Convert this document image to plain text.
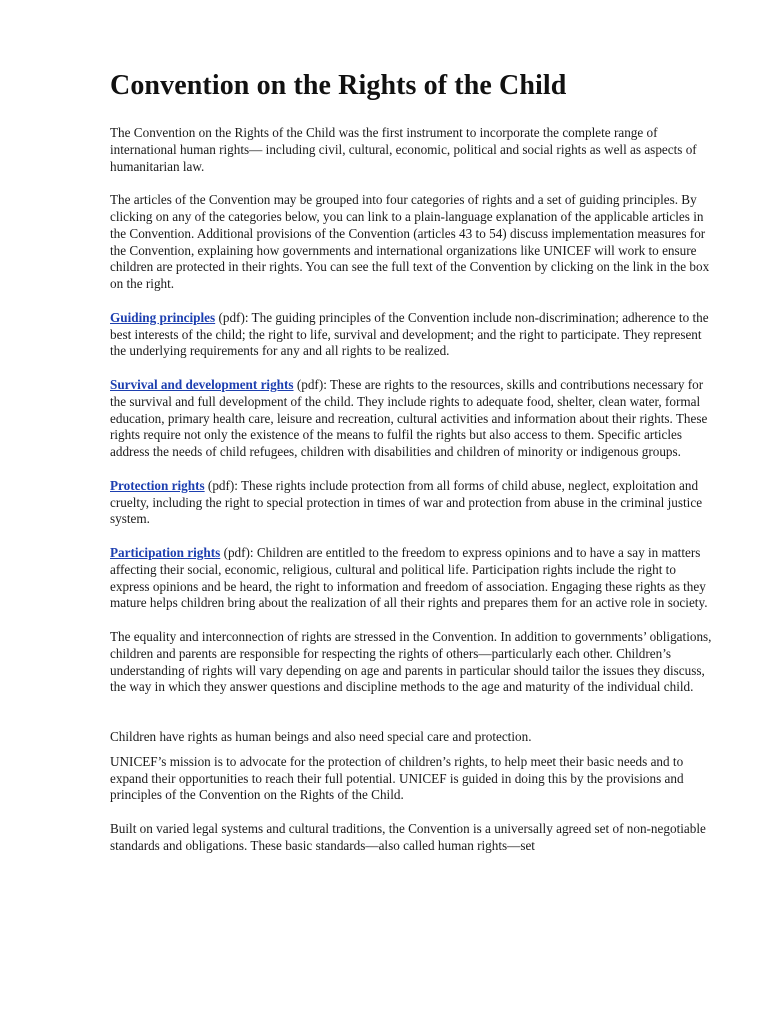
Convention on the Rights of the Child

The Convention on the Rights of the Child was the first instrument to incorporate the complete range of international human rights— including civil, cultural, economic, political and social rights as well as aspects of humanitarian law.

The articles of the Convention may be grouped into four categories of rights and a set of guiding principles. By clicking on any of the categories below, you can link to a plain-language explanation of the applicable articles in the Convention. Additional provisions of the Convention (articles 43 to 54) discuss implementation measures for the Convention, explaining how governments and international organizations like UNICEF will work to ensure children are protected in their rights. You can see the full text of the Convention by clicking on the link in the box on the right.

Guiding principles (pdf): The guiding principles of the Convention include non-discrimination; adherence to the best interests of the child; the right to life, survival and development; and the right to participate. They represent the underlying requirements for any and all rights to be realized.

Survival and development rights (pdf): These are rights to the resources, skills and contributions necessary for the survival and full development of the child. They include rights to adequate food, shelter, clean water, formal education, primary health care, leisure and recreation, cultural activities and information about their rights. These rights require not only the existence of the means to fulfil the rights but also access to them. Specific articles address the needs of child refugees, children with disabilities and children of minority or indigenous groups.

Protection rights (pdf): These rights include protection from all forms of child abuse, neglect, exploitation and cruelty, including the right to special protection in times of war and protection from abuse in the criminal justice system.

Participation rights (pdf): Children are entitled to the freedom to express opinions and to have a say in matters affecting their social, economic, religious, cultural and political life. Participation rights include the right to express opinions and be heard, the right to information and freedom of association. Engaging these rights as they mature helps children bring about the realization of all their rights and prepares them for an active role in society.

The equality and interconnection of rights are stressed in the Convention. In addition to governments’ obligations, children and parents are responsible for respecting the rights of others—particularly each other. Children’s understanding of rights will vary depending on age and parents in particular should tailor the issues they discuss, the way in which they answer questions and discipline methods to the age and maturity of the individual child.

Children have rights as human beings and also need special care and protection.

UNICEF’s mission is to advocate for the protection of children’s rights, to help meet their basic needs and to expand their opportunities to reach their full potential. UNICEF is guided in doing this by the provisions and principles of the Convention on the Rights of the Child.

Built on varied legal systems and cultural traditions, the Convention is a universally agreed set of non-negotiable standards and obligations. These basic standards—also called human rights—set
